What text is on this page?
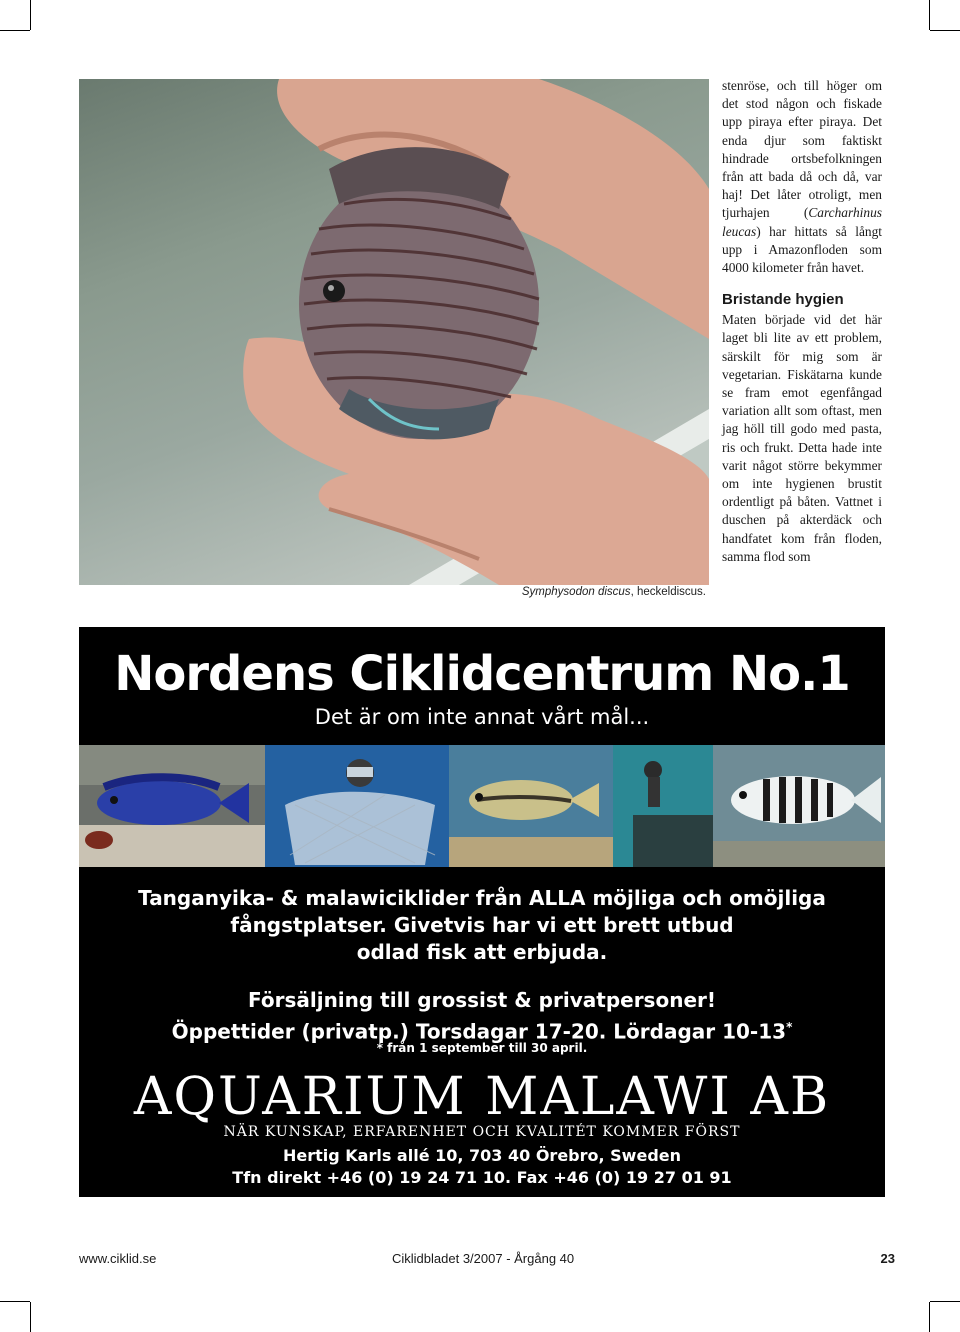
Symphysodon discus, heckeldiscus.

stenröse, och till höger om det stod någon och fiskade upp piraya efter piraya. Det enda djur som faktiskt hindrade ortsbefolkningen från att bada då och då, var haj! Det låter otroligt, men tjurhajen (Carcharhinus leucas) har hittats så långt upp i Amazonfloden som 4000 kilometer från havet.

Bristande hygien

Maten började vid det här laget bli lite av ett problem, särskilt för mig som är vegetarian. Fiskätarna kunde se fram emot egenfångad variation allt som oftast, men jag höll till godo med pasta, ris och frukt. Detta hade inte varit något större bekymmer om inte hygienen brustit ordentligt på båten. Vattnet i duschen på akterdäck och handfatet kom från floden, samma flod som

Nordens Ciklidcentrum No.1
Det är om inte annat vårt mål...
Tanganyika- & malawiciklider från ALLA möjliga och omöjliga
fångstplatser. Givetvis har vi ett brett utbud
odlad fisk att erbjuda.
Försäljning till grossist & privatpersoner!
Öppettider (privatp.) Torsdagar 17-20. Lördagar 10-13*
* från 1 september till 30 april.
AQUARIUM MALAWI AB
NÄR KUNSKAP, ERFARENHET OCH KVALITÉT KOMMER FÖRST
Hertig Karls allé 10, 703 40 Örebro, Sweden
Tfn direkt +46 (0) 19 24 71 10. Fax +46 (0) 19 27 01 91
www.ciklid.se	Ciklidbladet 3/2007 - Årgång 40	23
